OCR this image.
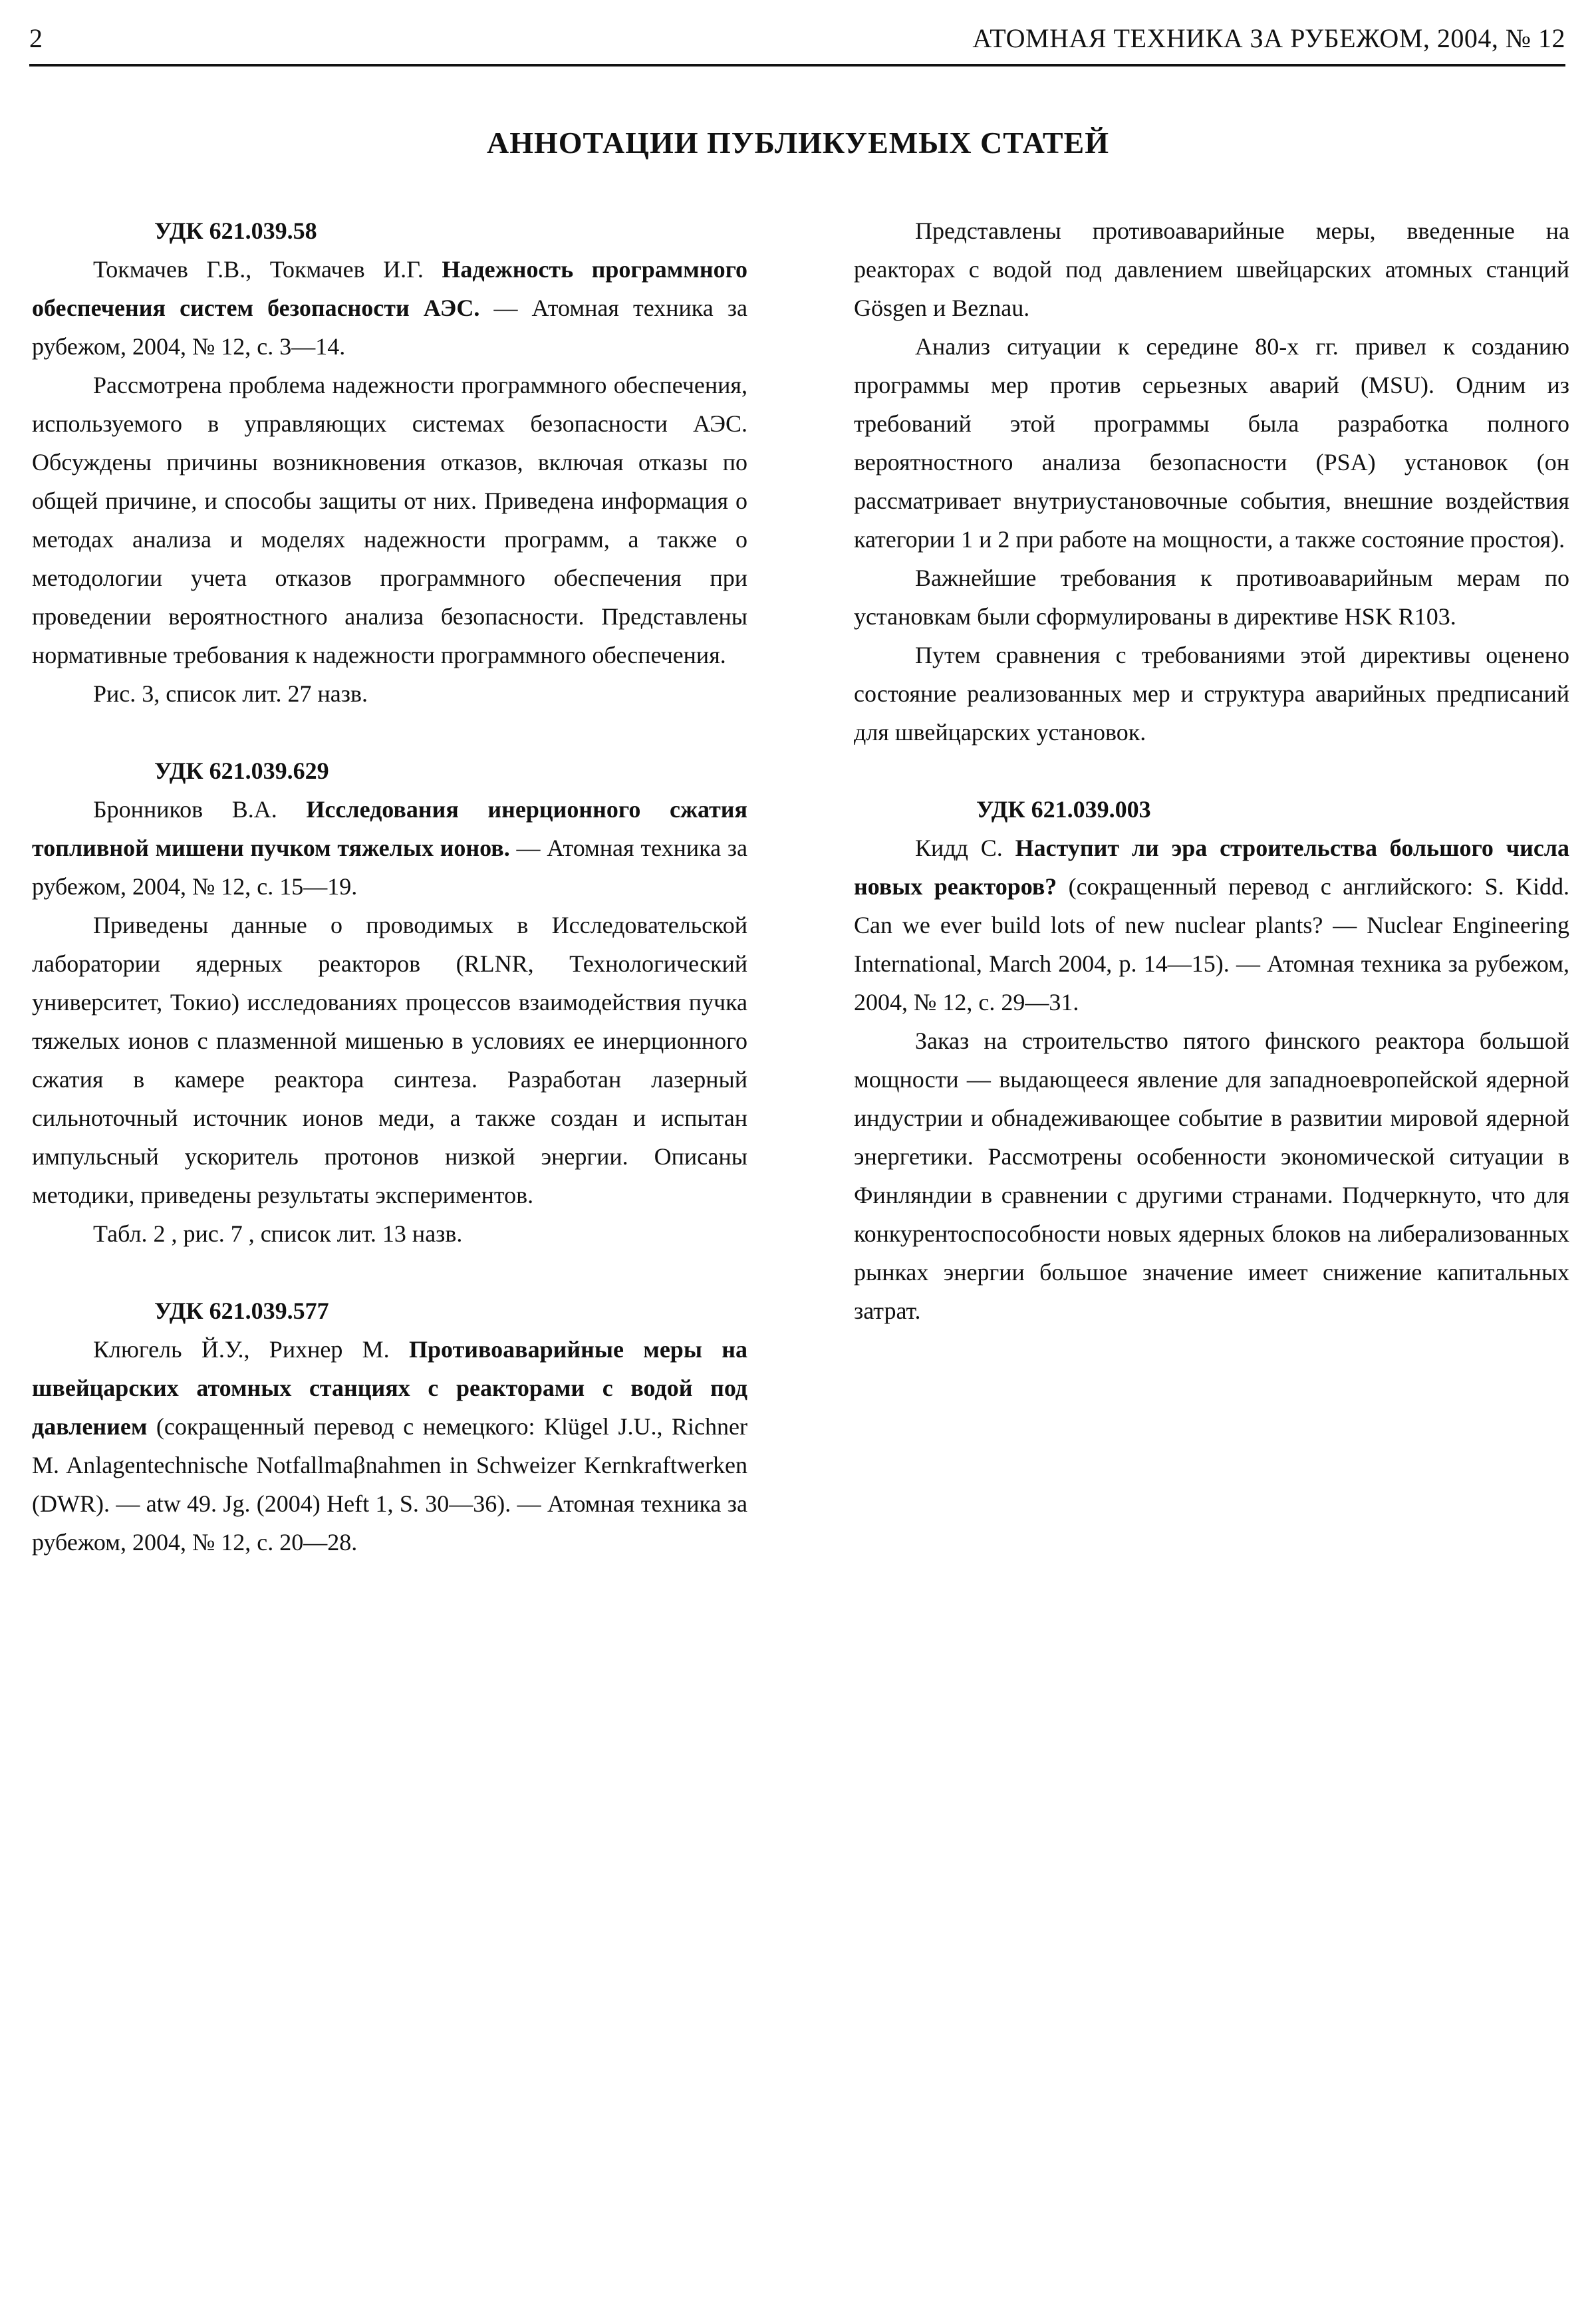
2	АТОМНАЯ ТЕХНИКА ЗА РУБЕЖОМ, 2004, № 12
АННОТАЦИИ ПУБЛИКУЕМЫХ СТАТЕЙ

УДК 621.039.58

Токмачев Г.В., Токмачев И.Г. Надежность программного обеспечения систем безопасности АЭС. — Атомная техника за рубежом, 2004, № 12, с. 3—14.

Рассмотрена проблема надежности программного обеспечения, используемого в управляющих системах безопасности АЭС. Обсуждены причины возникновения отказов, включая отказы по общей причине, и способы защиты от них. Приведена информация о методах анализа и моделях надежности программ, а также о методологии учета отказов программного обеспечения при проведении вероятностного анализа безопасности. Представлены нормативные требования к надежности программного обеспечения.

Рис. 3, список лит. 27 назв.

УДК 621.039.629

Бронников В.А. Исследования инерционного сжатия топливной мишени пучком тяжелых ионов. — Атомная техника за рубежом, 2004, № 12, с. 15—19.

Приведены данные о проводимых в Исследовательской лаборатории ядерных реакторов (RLNR, Технологический университет, Токио) исследованиях процессов взаимодействия пучка тяжелых ионов с плазменной мишенью в условиях ее инерционного сжатия в камере реактора синтеза. Разработан лазерный сильноточный источник ионов меди, а также создан и испытан импульсный ускоритель протонов низкой энергии. Описаны методики, приведены результаты экспериментов.

Табл. 2 , рис. 7 , список лит. 13 назв.

УДК 621.039.577

Клюгель Й.У., Рихнер М. Противоаварийные меры на швейцарских атомных станциях с реакторами с водой под давлением (сокращенный перевод с немецкого: Klügel J.U., Richner M. Anlagentechnische Notfallmaβnahmen in Schweizer Kernkraftwerken (DWR). — atw 49. Jg. (2004) Heft 1, S. 30—36). — Атомная техника за рубежом, 2004, № 12, с. 20—28.

Представлены противоаварийные меры, введенные на реакторах с водой под давлением швейцарских атомных станций Gösgen и Beznau.

Анализ ситуации к середине 80-х гг. привел к созданию программы мер против серьезных аварий (MSU). Одним из требований этой программы была разработка полного вероятностного анализа безопасности (PSA) установок (он рассматривает внутриустановочные события, внешние воздействия категории 1 и 2 при работе на мощности, а также состояние простоя).

Важнейшие требования к противоаварийным мерам по установкам были сформулированы в директиве HSK R103.

Путем сравнения с требованиями этой директивы оценено состояние реализованных мер и структура аварийных предписаний для швейцарских установок.

УДК 621.039.003

Кидд С. Наступит ли эра строительства большого числа новых реакторов? (сокращенный перевод с английского: S. Kidd. Can we ever build lots of new nuclear plants? — Nuclear Engineering International, March 2004, p. 14—15). — Атомная техника за рубежом, 2004, № 12, с. 29—31.

Заказ на строительство пятого финского реактора большой мощности — выдающееся явление для западноевропейской ядерной индустрии и обнадеживающее событие в развитии мировой ядерной энергетики. Рассмотрены особенности экономической ситуации в Финляндии в сравнении с другими странами. Подчеркнуто, что для конкурентоспособности новых ядерных блоков на либерализованных рынках энергии большое значение имеет снижение капитальных затрат.
